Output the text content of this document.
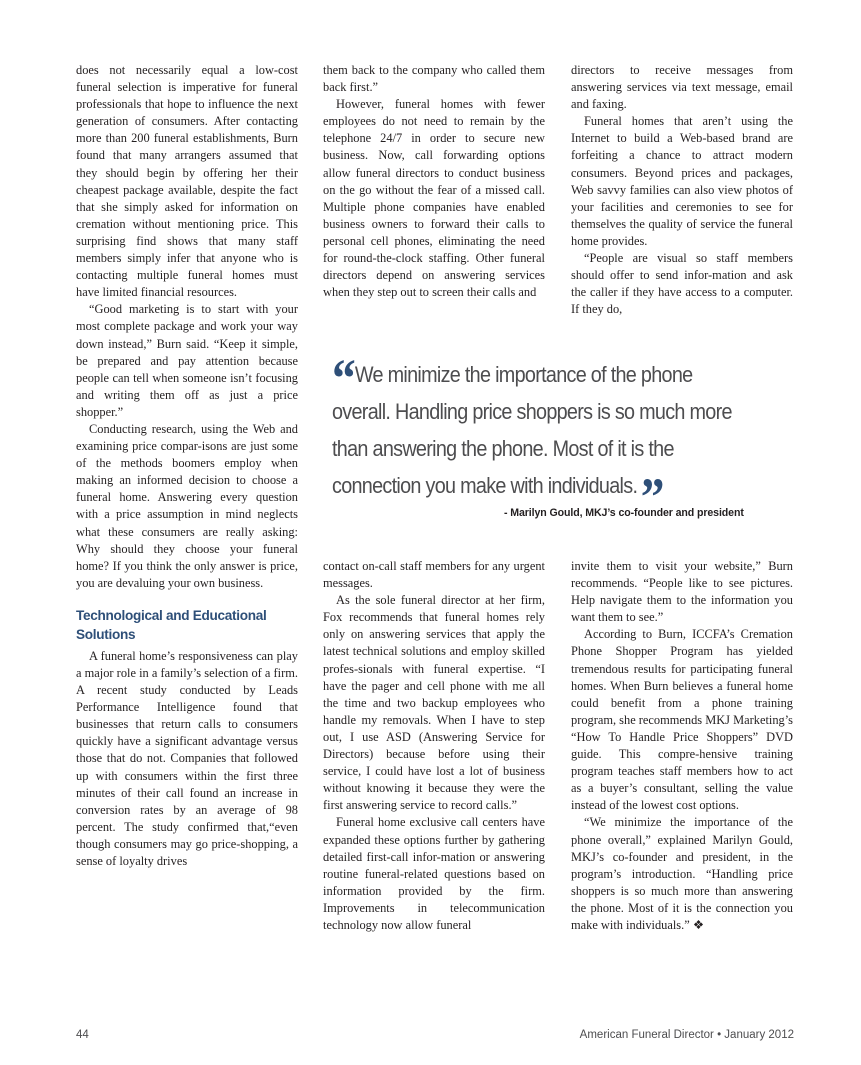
does not necessarily equal a low-cost funeral selection is imperative for funeral professionals that hope to influence the next generation of consumers. After contacting more than 200 funeral establishments, Burn found that many arrangers assumed that they should begin by offering her their cheapest package available, despite the fact that she simply asked for information on cremation without mentioning price. This surprising find shows that many staff members simply infer that anyone who is contacting multiple funeral homes must have limited financial resources.

“Good marketing is to start with your most complete package and work your way down instead,” Burn said. “Keep it simple, be prepared and pay attention because people can tell when someone isn’t focusing and writing them off as just a price shopper.”

Conducting research, using the Web and examining price compar-isons are just some of the methods boomers employ when making an informed decision to choose a funeral home. Answering every question with a price assumption in mind neglects what these consumers are really asking: Why should they choose your funeral home? If you think the only answer is price, you are devaluing your own business.

Technological and Educational Solutions

A funeral home’s responsiveness can play a major role in a family’s selection of a firm. A recent study conducted by Leads Performance Intelligence found that businesses that return calls to consumers quickly have a significant advantage versus those that do not. Companies that followed up with consumers within the first three minutes of their call found an increase in conversion rates by an average of 98 percent. The study confirmed that,“even though consumers may go price-shopping, a sense of loyalty drives

them back to the company who called them back first.”

However, funeral homes with fewer employees do not need to remain by the telephone 24/7 in order to secure new business. Now, call forwarding options allow funeral directors to conduct business on the go without the fear of a missed call. Multiple phone companies have enabled business owners to forward their calls to personal cell phones, eliminating the need for round-the-clock staffing. Other funeral directors depend on answering services when they step out to screen their calls and

directors to receive messages from answering services via text message, email and faxing.

Funeral homes that aren’t using the Internet to build a Web-based brand are forfeiting a chance to attract modern consumers. Beyond prices and packages, Web savvy families can also view photos of your facilities and ceremonies to see for themselves the quality of service the funeral home provides.

“People are visual so staff members should offer to send infor-mation and ask the caller if they have access to a computer. If they do,

“We minimize the importance of the phone overall. Handling price shoppers is so much more than answering the phone. Most of it is the connection you make with individuals.”

- Marilyn Gould, MKJ’s co-founder and president

contact on-call staff members for any urgent messages.

As the sole funeral director at her firm, Fox recommends that funeral homes rely only on answering services that apply the latest technical solutions and employ skilled profes-sionals with funeral expertise. “I have the pager and cell phone with me all the time and two backup employees who handle my removals. When I have to step out, I use ASD (Answering Service for Directors) because before using their service, I could have lost a lot of business without knowing it because they were the first answering service to record calls.”

Funeral home exclusive call centers have expanded these options further by gathering detailed first-call infor-mation or answering routine funeral-related questions based on information provided by the firm. Improvements in telecommunication technology now allow funeral

invite them to visit your website,” Burn recommends. “People like to see pictures. Help navigate them to the information you want them to see.”

According to Burn, ICCFA’s Cremation Phone Shopper Program has yielded tremendous results for participating funeral homes. When Burn believes a funeral home could benefit from a phone training program, she recommends MKJ Marketing’s “How To Handle Price Shoppers” DVD guide. This compre-hensive training program teaches staff members how to act as a buyer’s consultant, selling the value instead of the lowest cost options.

“We minimize the importance of the phone overall,” explained Marilyn Gould, MKJ’s co-founder and president, in the program’s introduction. “Handling price shoppers is so much more than answering the phone. Most of it is the connection you make with individuals.” ❖

44	American Funeral Director • January 2012
